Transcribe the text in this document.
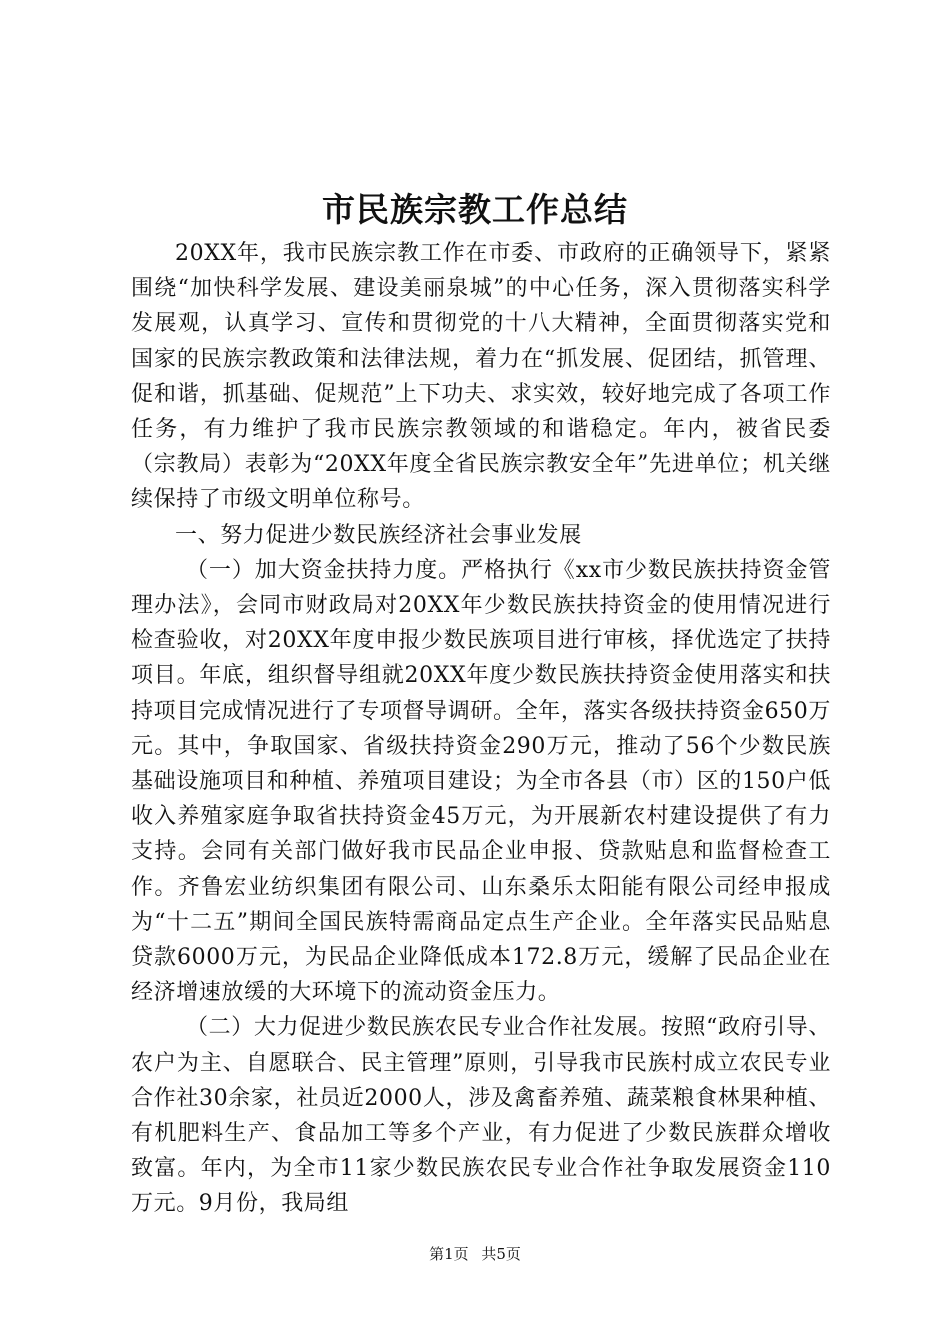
市民族宗教工作总结

20XX年，我市民族宗教工作在市委、市政府的正确领导下，紧紧围绕“加快科学发展、建设美丽泉城”的中心任务，深入贯彻落实科学发展观，认真学习、宣传和贯彻党的十八大精神，全面贯彻落实党和国家的民族宗教政策和法律法规，着力在“抓发展、促团结，抓管理、促和谐，抓基础、促规范”上下功夫、求实效，较好地完成了各项工作任务，有力维护了我市民族宗教领域的和谐稳定。年内，被省民委（宗教局）表彰为“20XX年度全省民族宗教安全年”先进单位；机关继续保持了市级文明单位称号。

一、努力促进少数民族经济社会事业发展

（一）加大资金扶持力度。严格执行《xx市少数民族扶持资金管理办法》，会同市财政局对20XX年少数民族扶持资金的使用情况进行检查验收，对20XX年度申报少数民族项目进行审核，择优选定了扶持项目。年底，组织督导组就20XX年度少数民族扶持资金使用落实和扶持项目完成情况进行了专项督导调研。全年，落实各级扶持资金650万元。其中，争取国家、省级扶持资金290万元，推动了56个少数民族基础设施项目和种植、养殖项目建设；为全市各县（市）区的150户低收入养殖家庭争取省扶持资金45万元，为开展新农村建设提供了有力支持。会同有关部门做好我市民品企业申报、贷款贴息和监督检查工作。齐鲁宏业纺织集团有限公司、山东桑乐太阳能有限公司经申报成为“十二五”期间全国民族特需商品定点生产企业。全年落实民品贴息贷款6000万元，为民品企业降低成本172.8万元，缓解了民品企业在经济增速放缓的大环境下的流动资金压力。

（二）大力促进少数民族农民专业合作社发展。按照“政府引导、农户为主、自愿联合、民主管理”原则，引导我市民族村成立农民专业合作社30余家，社员近2000人，涉及禽畜养殖、蔬菜粮食林果种植、有机肥料生产、食品加工等多个产业，有力促进了少数民族群众增收致富。年内，为全市11家少数民族农民专业合作社争取发展资金110万元。9月份，我局组

第1页 共5页
